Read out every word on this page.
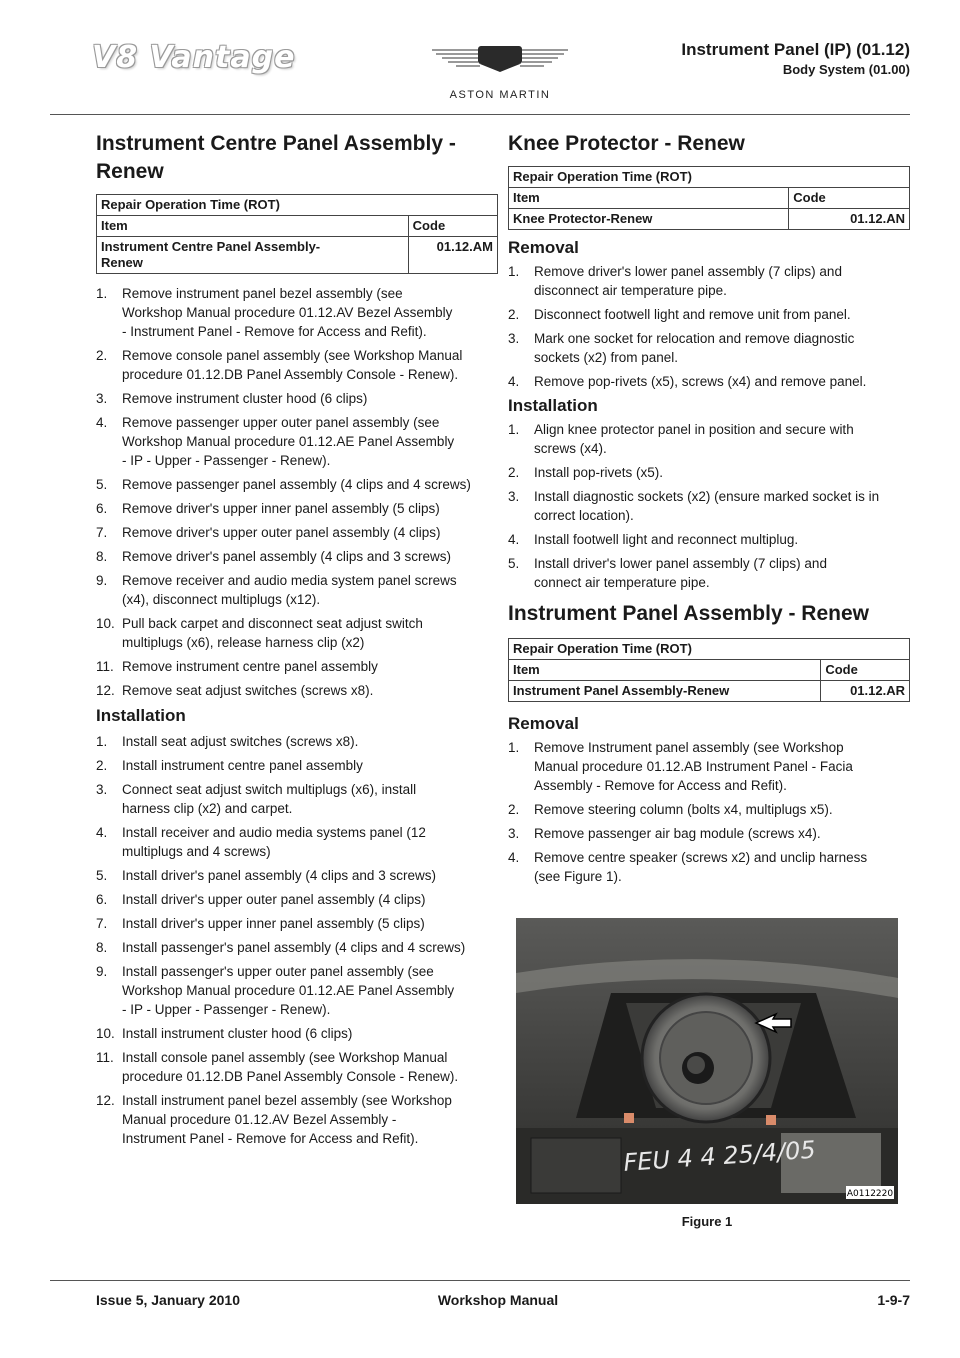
V8 Vantage
ASTON MARTIN
Instrument Panel (IP) (01.12)
Body System (01.00)
Instrument Centre Panel Assembly -
Renew
Repair Operation Time (ROT)	
Item	Code
Instrument Centre Panel Assembly-
Renew	01.12.AM
1. Remove instrument panel bezel assembly (see
Workshop Manual procedure 01.12.AV Bezel Assembly
- Instrument Panel - Remove for Access and Refit).
2. Remove console panel assembly (see Workshop Manual
procedure 01.12.DB Panel Assembly Console - Renew).
3. Remove instrument cluster hood (6 clips)
4. Remove passenger upper outer panel assembly (see
Workshop Manual procedure 01.12.AE Panel Assembly
- IP - Upper - Passenger - Renew).
5. Remove passenger panel assembly (4 clips and 4 screws)
6. Remove driver's upper inner panel assembly (5 clips)
7. Remove driver's upper outer panel assembly (4 clips)
8. Remove driver's panel assembly (4 clips and 3 screws)
9. Remove receiver and audio media system panel screws
(x4), disconnect multiplugs (x12).
10. Pull back carpet and disconnect seat adjust switch
multiplugs (x6), release harness clip (x2)
11. Remove instrument centre panel assembly
12. Remove seat adjust switches (screws x8).
Installation
1. Install seat adjust switches (screws x8).
2. Install instrument centre panel assembly
3. Connect seat adjust switch multiplugs (x6), install
harness clip (x2) and carpet.
4. Install receiver and audio media systems panel (12
multiplugs and 4 screws)
5. Install driver's panel assembly (4 clips and 3 screws)
6. Install driver's upper outer panel assembly (4 clips)
7. Install driver's upper inner panel assembly (5 clips)
8. Install passenger's panel assembly (4 clips and 4 screws)
9. Install passenger's upper outer panel assembly (see
Workshop Manual procedure 01.12.AE Panel Assembly
- IP - Upper - Passenger - Renew).
10. Install instrument cluster hood (6 clips)
11. Install console panel assembly (see Workshop Manual
procedure 01.12.DB Panel Assembly Console - Renew).
12. Install instrument panel bezel assembly (see Workshop
Manual procedure 01.12.AV Bezel Assembly -
Instrument Panel - Remove for Access and Refit).
Knee Protector - Renew
Repair Operation Time (ROT)	
Item	Code
Knee Protector-Renew	01.12.AN
Removal
1. Remove driver's lower panel assembly (7 clips) and
disconnect air temperature pipe.
2. Disconnect footwell light and remove unit from panel.
3. Mark one socket for relocation and remove diagnostic
sockets (x2) from panel.
4. Remove pop-rivets (x5), screws (x4) and remove panel.
Installation
1. Align knee protector panel in position and secure with
screws (x4).
2. Install pop-rivets (x5).
3. Install diagnostic sockets (x2) (ensure marked socket is in
correct location).
4. Install footwell light and reconnect multiplug.
5. Install driver's lower panel assembly (7 clips) and
connect air temperature pipe.
Instrument Panel Assembly - Renew
Repair Operation Time (ROT)	
Item	Code
Instrument Panel Assembly-Renew	01.12.AR
Removal
1. Remove Instrument panel assembly (see Workshop
Manual procedure 01.12.AB Instrument Panel - Facia
Assembly - Remove for Access and Refit).
2. Remove steering column (bolts x4, multiplugs x5).
3. Remove passenger air bag module (screws x4).
4. Remove centre speaker (screws x2) and unclip harness
(see Figure 1).
FEU 4 4 25/4/05
A0112220
Figure 1
Issue 5, January 2010	Workshop Manual	1-9-7
